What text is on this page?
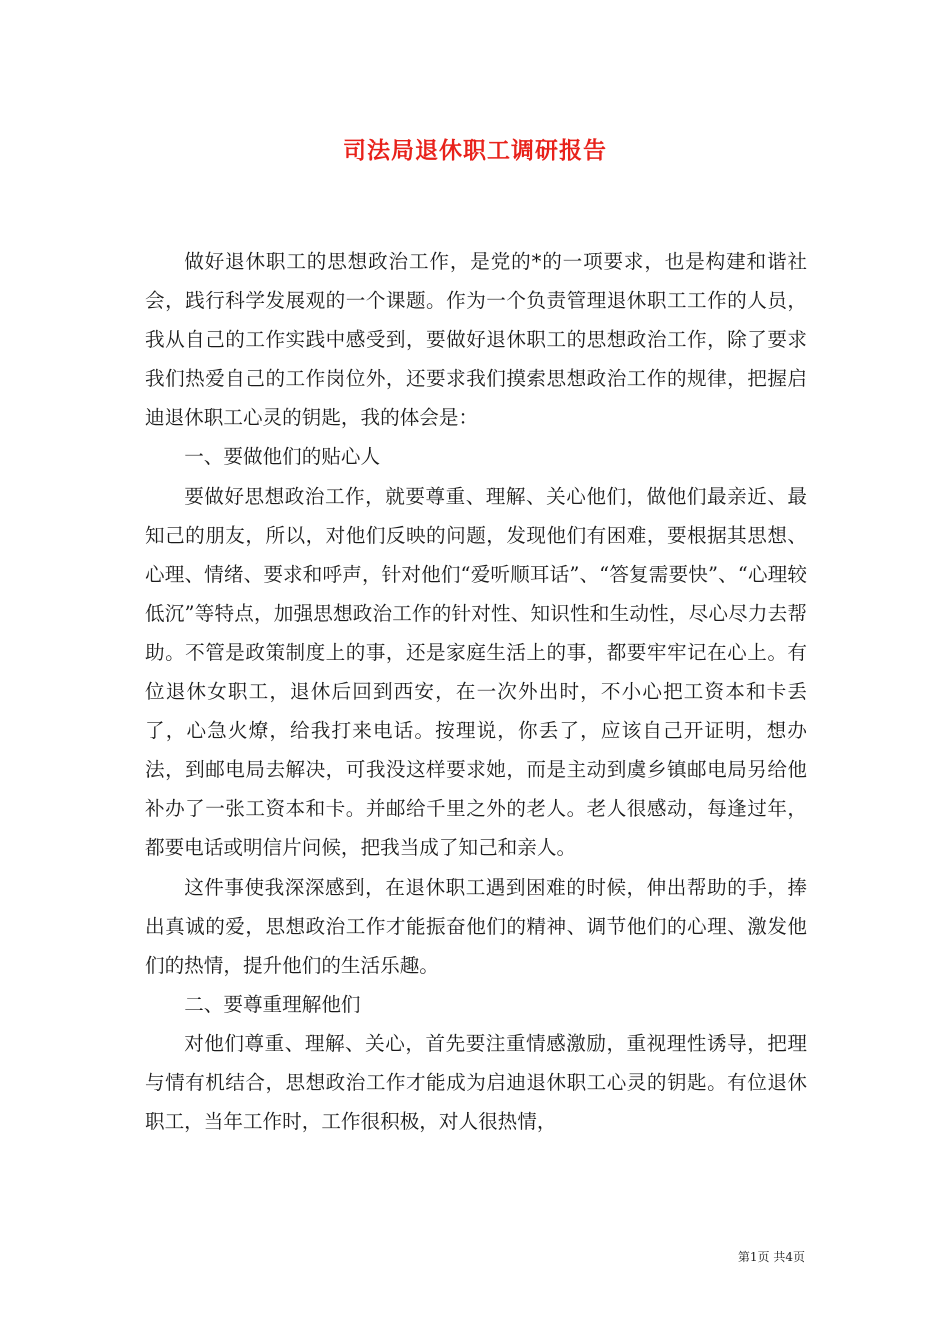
司法局退休职工调研报告

做好退休职工的思想政治工作，是党的*的一项要求，也是构建和谐社会，践行科学发展观的一个课题。作为一个负责管理退休职工工作的人员，我从自己的工作实践中感受到，要做好退休职工的思想政治工作，除了要求我们热爱自己的工作岗位外，还要求我们摸索思想政治工作的规律，把握启迪退休职工心灵的钥匙，我的体会是：

一、要做他们的贴心人

要做好思想政治工作，就要尊重、理解、关心他们，做他们最亲近、最知己的朋友，所以，对他们反映的问题，发现他们有困难，要根据其思想、心理、情绪、要求和呼声，针对他们“爱听顺耳话”、“答复需要快”、“心理较低沉”等特点，加强思想政治工作的针对性、知识性和生动性，尽心尽力去帮助。不管是政策制度上的事，还是家庭生活上的事，都要牢牢记在心上。有位退休女职工，退休后回到西安，在一次外出时，不小心把工资本和卡丢了，心急火燎，给我打来电话。按理说，你丢了，应该自己开证明，想办法，到邮电局去解决，可我没这样要求她，而是主动到虞乡镇邮电局另给他补办了一张工资本和卡。并邮给千里之外的老人。老人很感动，每逢过年，都要电话或明信片问候，把我当成了知己和亲人。

这件事使我深深感到，在退休职工遇到困难的时候，伸出帮助的手，捧出真诚的爱，思想政治工作才能振奋他们的精神、调节他们的心理、激发他们的热情，提升他们的生活乐趣。

二、要尊重理解他们

对他们尊重、理解、关心，首先要注重情感激励，重视理性诱导，把理与情有机结合，思想政治工作才能成为启迪退休职工心灵的钥匙。有位退休职工，当年工作时，工作很积极，对人很热情，

第1页 共4页
